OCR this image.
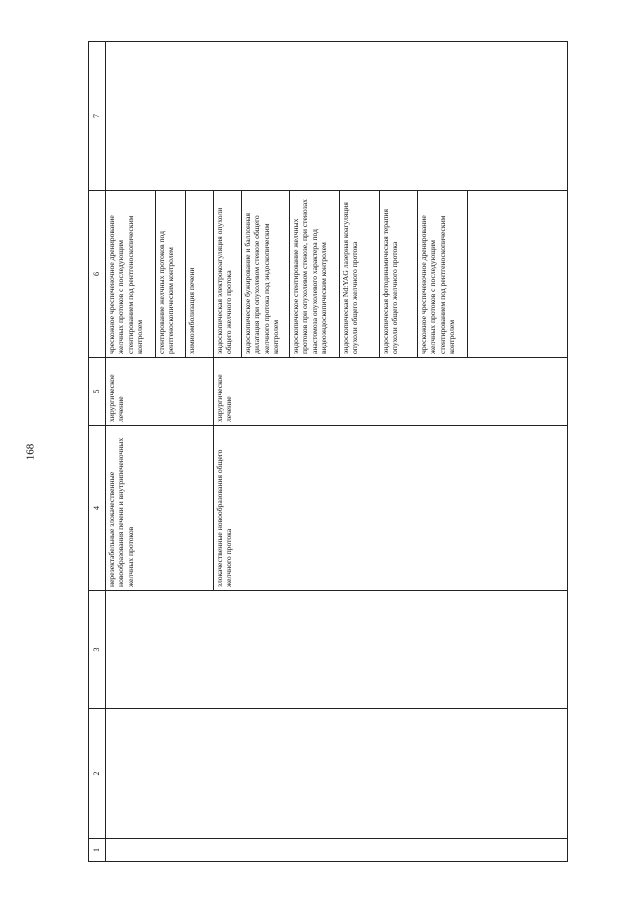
168
1	2	3	4	5	6	7
			нерезектабельные злокачественные новообразования печени и внутрипеченочных желчных протоков	хирургическое лечение	чрескожное чреспеченочное дренирование желчных протоков с последующим стентированием под рентгеноскопическим контролем	
					стентирование желчных протоков под рентгеноскопическим контролем	
					химиоэмболизация печени	
			злокачественные новообразования общего желчного протока	хирургическое лечение	эндоскопическая электрокоагуляция опухоли общего желчного протока	
					эндоскопическое бужирование и баллонная дилатация при опухолевом стенозе общего желчного протока под эндоскопическим контролем	
					эндоскопическое стентирование желчных протоков при опухолевом стенозе, при стенозах анастомоза опухолевого характера под видеоэндоскопическим контролем	
					эндоскопическая Nd:YAG лазерная коагуляция опухоли общего желчного протока	
					эндоскопическая фотодинамическая терапия опухоли общего желчного протока	
					чрескожное чреспеченочное дренирование желчных протоков с последующим стентированием под рентгеноскопическим контролем	
